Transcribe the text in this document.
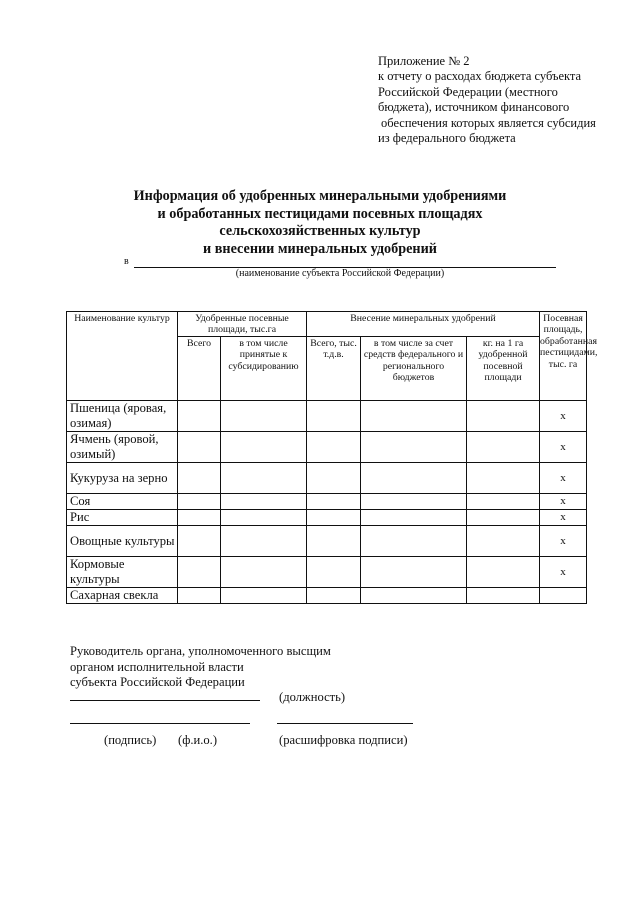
Приложение № 2
к отчету о расходах бюджета субъекта
Российской Федерации (местного
бюджета), источником финансового
обеспечения которых является субсидия
из федерального бюджета
Информация об удобренных минеральными удобрениями
и обработанных пестицидами посевных площадях
сельскохозяйственных культур
и внесении минеральных удобрений
в
(наименование субъекта Российской Федерации)
Наименование культур	Удобренные посевные площади, тыс.га		Внесение минеральных удобрений			Посевная площадь, обработанная пестицидами, тыс. га

	Всего	в том числе принятые к субсидированию	Всего, тыс. т.д.в.	в том числе за счет средств федерального и регионального бюджетов	кг. на 1 га удобренной посевной площади	

Пшеница (яровая, озимая)						x
Ячмень (яровой, озимый)						x
Кукуруза на зерно						x
Соя						x
Рис						x
Овощные культуры						x
Кормовые культуры						x
Сахарная свекла						
Руководитель органа, уполномоченного высщим
органом исполнительной власти
субъекта Российской Федерации
(должность)
(подпись) (ф.и.о.)	(расшифровка подписи)
